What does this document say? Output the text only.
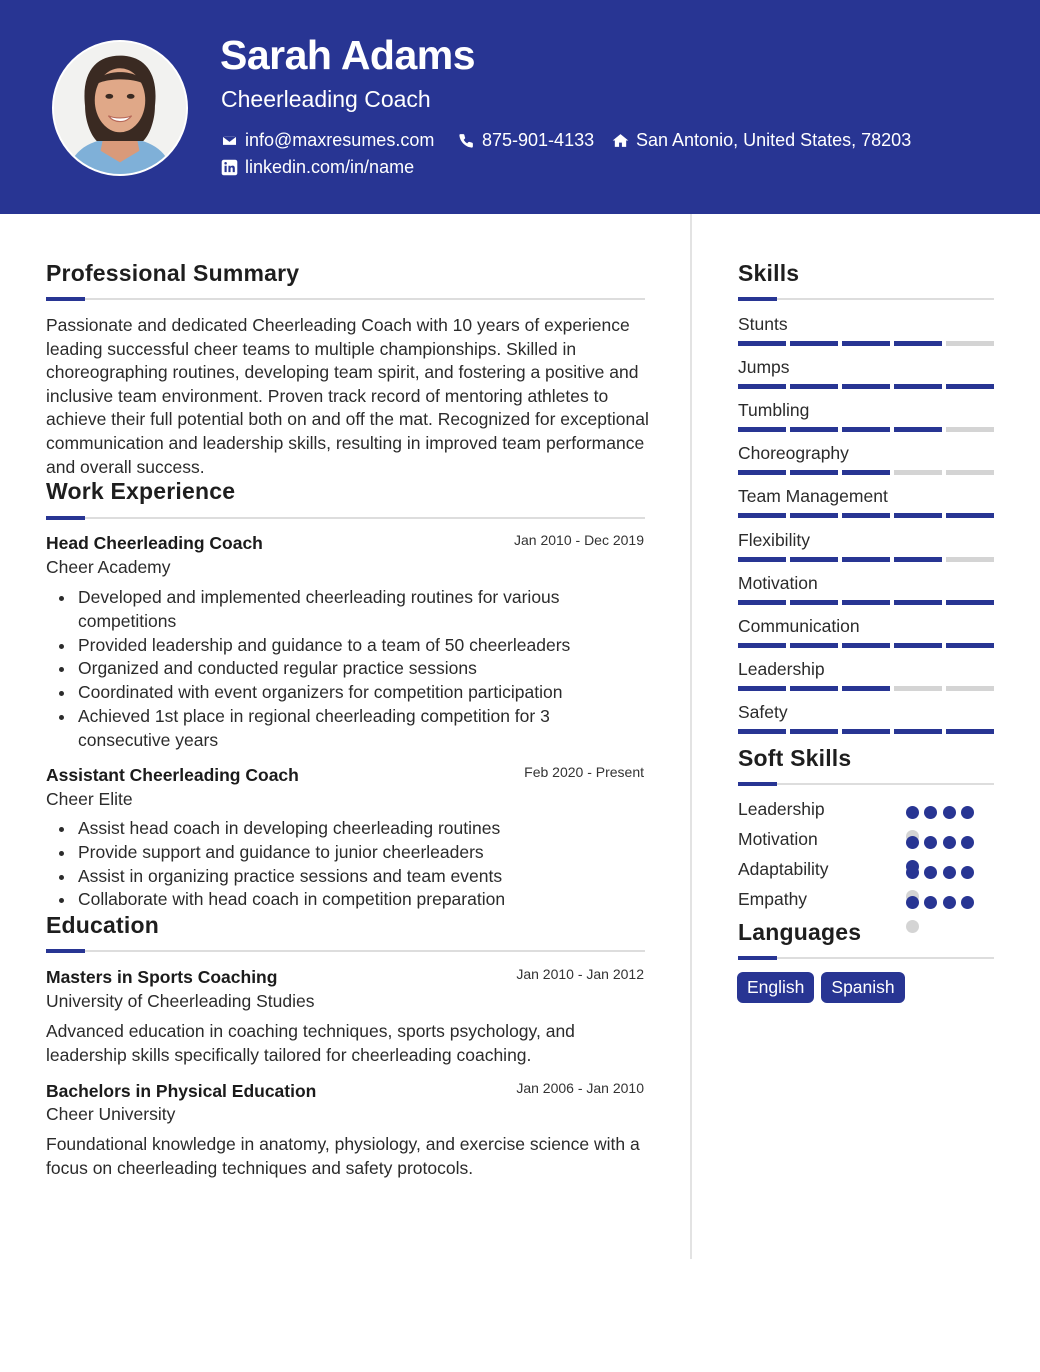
Sarah Adams
Cheerleading Coach
info@maxresumes.com	875-901-4133 San Antonio, United States, 78203
linkedin.com/in/name
Professional Summary
Passionate and dedicated Cheerleading Coach with 10 years of experience leading successful cheer teams to multiple championships. Skilled in choreographing routines, developing team spirit, and fostering a positive and inclusive team environment. Proven track record of mentoring athletes to achieve their full potential both on and off the mat. Recognized for exceptional communication and leadership skills, resulting in improved team performance and overall success.
Work Experience
Head Cheerleading Coach	Jan 2010 - Dec 2019
Cheer Academy
Developed and implemented cheerleading routines for various competitions
Provided leadership and guidance to a team of 50 cheerleaders
Organized and conducted regular practice sessions
Coordinated with event organizers for competition participation
Achieved 1st place in regional cheerleading competition for 3 consecutive years
Assistant Cheerleading Coach	Feb 2020 - Present
Cheer Elite
Assist head coach in developing cheerleading routines
Provide support and guidance to junior cheerleaders
Assist in organizing practice sessions and team events
Collaborate with head coach in competition preparation
Education
Masters in Sports Coaching	Jan 2010 - Jan 2012
University of Cheerleading Studies
Advanced education in coaching techniques, sports psychology, and leadership skills specifically tailored for cheerleading coaching.
Bachelors in Physical Education	Jan 2006 - Jan 2010
Cheer University
Foundational knowledge in anatomy, physiology, and exercise science with a focus on cheerleading techniques and safety protocols.
Skills
Stunts
Jumps
Tumbling
Choreography
Team Management
Flexibility
Motivation
Communication
Leadership
Safety
Soft Skills
Leadership
Motivation
Adaptability
Empathy
Languages
English	Spanish
